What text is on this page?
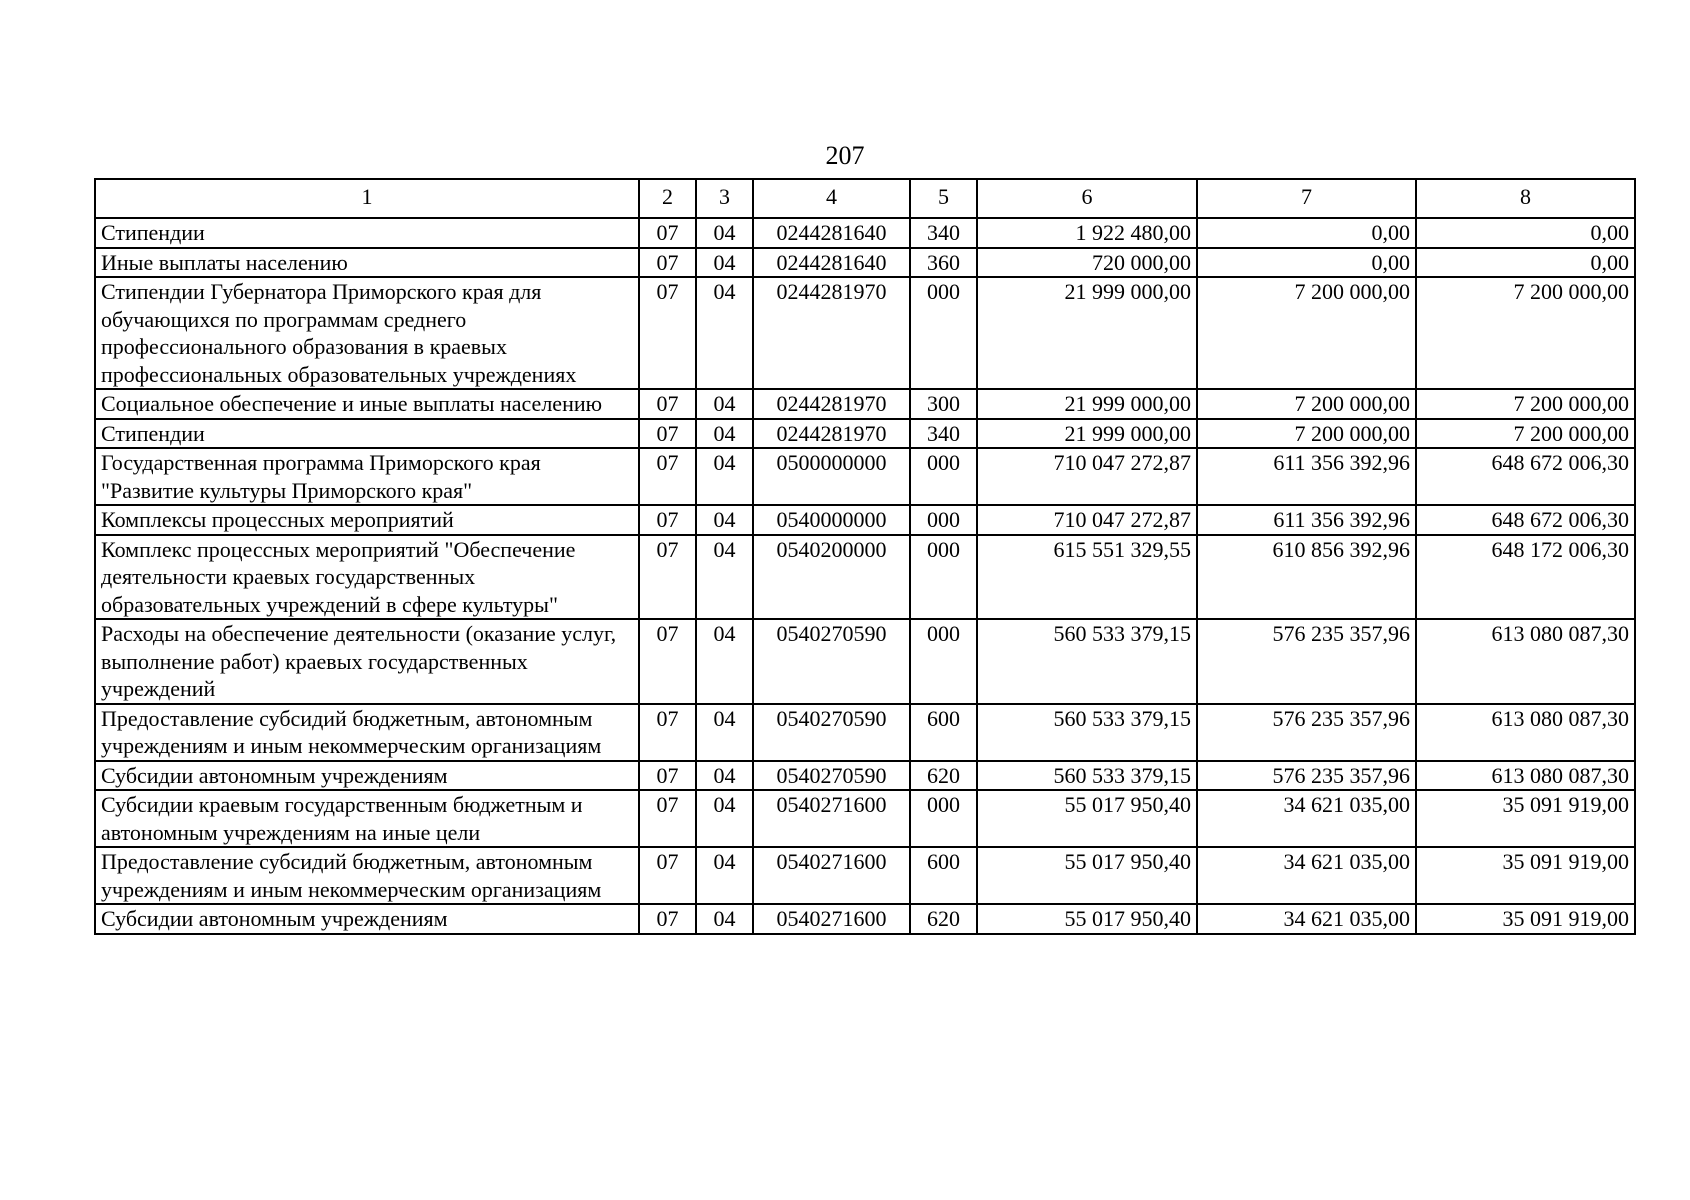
207
1	2	3	4	5	6	7	8
Стипендии	07	04	0244281640	340	1 922 480,00	0,00	0,00
Иные выплаты населению	07	04	0244281640	360	720 000,00	0,00	0,00
Стипендии Губернатора Приморского края для обучающихся по программам среднего профессионального образования в краевых профессиональных образовательных учреждениях	07	04	0244281970	000	21 999 000,00	7 200 000,00	7 200 000,00
Социальное обеспечение и иные выплаты населению	07	04	0244281970	300	21 999 000,00	7 200 000,00	7 200 000,00
Стипендии	07	04	0244281970	340	21 999 000,00	7 200 000,00	7 200 000,00
Государственная программа Приморского края "Развитие культуры Приморского края"	07	04	0500000000	000	710 047 272,87	611 356 392,96	648 672 006,30
Комплексы процессных мероприятий	07	04	0540000000	000	710 047 272,87	611 356 392,96	648 672 006,30
Комплекс процессных мероприятий "Обеспечение деятельности краевых государственных образовательных учреждений в сфере культуры"	07	04	0540200000	000	615 551 329,55	610 856 392,96	648 172 006,30
Расходы на обеспечение деятельности (оказание услуг, выполнение работ) краевых государственных учреждений	07	04	0540270590	000	560 533 379,15	576 235 357,96	613 080 087,30
Предоставление субсидий бюджетным, автономным учреждениям и иным некоммерческим организациям	07	04	0540270590	600	560 533 379,15	576 235 357,96	613 080 087,30
Субсидии автономным учреждениям	07	04	0540270590	620	560 533 379,15	576 235 357,96	613 080 087,30
Субсидии краевым государственным бюджетным и автономным учреждениям на иные цели	07	04	0540271600	000	55 017 950,40	34 621 035,00	35 091 919,00
Предоставление субсидий бюджетным, автономным учреждениям и иным некоммерческим организациям	07	04	0540271600	600	55 017 950,40	34 621 035,00	35 091 919,00
Субсидии автономным учреждениям	07	04	0540271600	620	55 017 950,40	34 621 035,00	35 091 919,00
